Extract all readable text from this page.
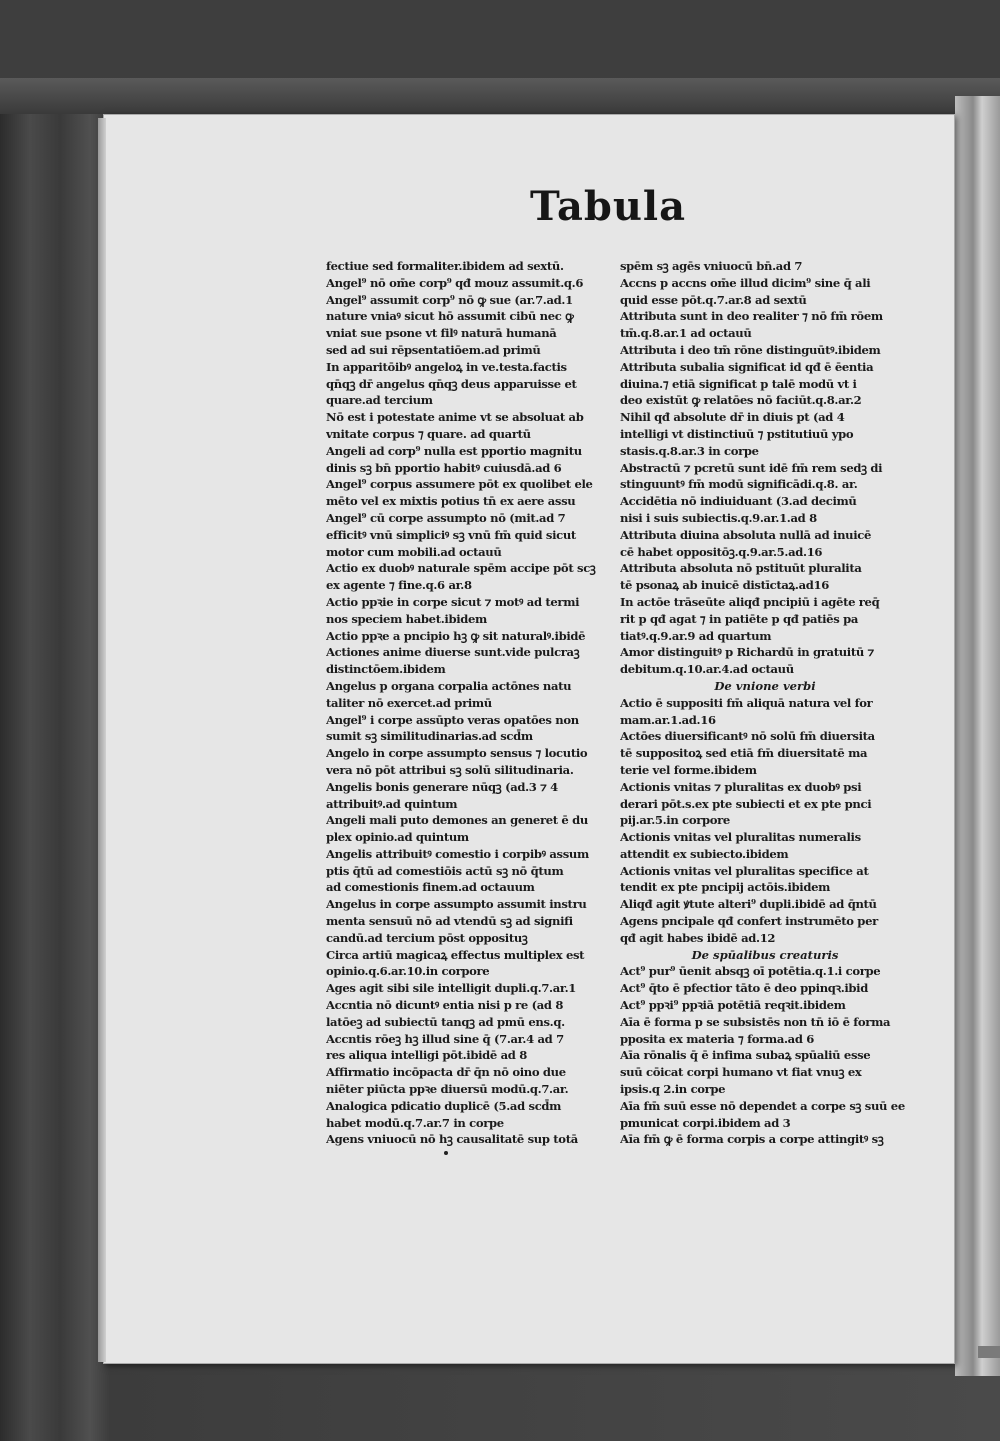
Tabula
fectiue sed formaliter.ibidem ad sextū.
Angel⁹ nō om̄e corp⁹ qđ mouz assumit.q.6
Angel⁹ assumit corp⁹ nō ꝙ sue (ar.7.ad.1
nature vniaꝰ sicut hō assumit cibū nec ꝙ
vniat sue psone vt filꝰ naturā humanā
sed ad sui rēpsentatiōem.ad primū
In apparitōibꝰ angeloꝝ in ve.testa.factis
qn̄qꝫ dr̄ angelus qn̄qꝫ deus apparuisse et
quare.ad tercium
Nō est i potestate anime vt se absoluat ab
vnitate corpus ⁊ quare. ad quartū
Angeli ad corp⁹ nulla est pportio magnitu
dinis sꝫ bn̄ pportio habitꝰ cuiusdā.ad 6
Angel⁹ corpus assumere pōt ex quolibet ele
mēto vel ex mixtis potius tn̄ ex aere assu
Angel⁹ cū corpe assumpto nō (mit.ad 7
efficitꝰ vnū simpliciꝰ sꝫ vnū fm̄ quid sicut
motor cum mobili.ad octauū
Actio ex duobꝰ naturale spēm accipe pōt scꝫ
ex agente ⁊ fine.q.6 ar.8
Actio ppꝛie in corpe sicut ⁊ motꝰ ad termi
nos speciem habet.ibidem
Actio ppꝛe a pncipio hꝫ ꝙ sit naturalꝰ.ibidē
Actiones anime diuerse sunt.vide pulcraꝫ
distinctōem.ibidem
Angelus p organa corpalia actōnes natu
taliter nō exercet.ad primū
Angel⁹ i corpe assūpto veras opatōes non
sumit sꝫ similitudinarias.ad scd̄m
Angelo in corpe assumpto sensus ⁊ locutio
vera nō pōt attribui sꝫ solū silitudinaria.
Angelis bonis generare nūqꝫ (ad.3 ⁊ 4
attribuitꝰ.ad quintum
Angeli mali puto demones an generet ē du
plex opinio.ad quintum
Angelis attribuitꝰ comestio i corpibꝰ assum
ptis q̄tū ad comestiōis actū sꝫ nō q̄tum
ad comestionis finem.ad octauum
Angelus in corpe assumpto assumit instru
menta sensuū nō ad vtendū sꝫ ad signifi
candū.ad tercium pōst opposituꝫ
Circa artiū magicaꝝ effectus multiplex est
opinio.q.6.ar.10.in corpore
Ages agit sibi sile intelligit dupli.q.7.ar.1
Accntia nō dicuntꝰ entia nisi p re (ad 8
latōeꝫ ad subiectū tanqꝫ ad pmū ens.q.
Accntis rōeꝫ hꝫ illud sine q̄ (7.ar.4 ad 7
res aliqua intelligi pōt.ibidē ad 8
Affirmatio incōpacta dr̄ q̄n nō oino due
niēter piūcta ppꝛe diuersū modū.q.7.ar.
Analogica pdicatio duplicē (5.ad scd̄m
habet modū.q.7.ar.7 in corpe
Agens vniuocū nō hꝫ causalitatē sup totā
spēm sꝫ agēs vniuocū bn̄.ad 7
Accns p accns om̄e illud dicim⁹ sine q̄ ali
quid esse pōt.q.7.ar.8 ad sextū
Attributa sunt in deo realiter ⁊ nō fm̄ rōem
tm̄.q.8.ar.1 ad octauū
Attributa i deo tm̄ rōne distinguūtꝰ.ibidem
Attributa subalia significat id qđ ē ēentia
diuina.⁊ etiā significat p talē modū vt i
deo existūt ꝙ relatōes nō faciūt.q.8.ar.2
Nihil qđ absolute dr̄ in diuis pt (ad 4
intelligi vt distinctiuū ⁊ pstitutiuū ypo
stasis.q.8.ar.3 in corpe
Abstractū ⁊ pcretū sunt idē fm̄ rem sedꝫ di
stinguuntꝰ fm̄ modū significādi.q.8. ar.
Accidētia nō indiuiduant (3.ad decimū
nisi i suis subiectis.q.9.ar.1.ad 8
Attributa diuina absoluta nullā ad inuicē
cē habet oppositōꝫ.q.9.ar.5.ad.16
Attributa absoluta nō pstituūt pluralita
tē psonaꝝ ab inuicē distīctaꝝ.ad16
In actōe trāseūte aliqđ pncipiū i agēte req̄
rit p qđ agat ⁊ in patiēte p qđ patiēs pa
tiatꝰ.q.9.ar.9 ad quartum
Amor distinguitꝰ p Richardū in gratuitū ⁊
debitum.q.10.ar.4.ad octauū
De vnione verbi
Actio ē suppositi fm̄ aliquā natura vel for
mam.ar.1.ad.16
Actōes diuersificantꝰ nō solū fm̄ diuersita
tē suppositoꝝ sed etiā fm̄ diuersitatē ma
terie vel forme.ibidem
Actionis vnitas ⁊ pluralitas ex duobꝰ psi
derari pōt.s.ex pte subiecti et ex pte pnci
pij.ar.5.in corpore
Actionis vnitas vel pluralitas numeralis
attendit ex subiecto.ibidem
Actionis vnitas vel pluralitas specifice at
tendit ex pte pncipij actōis.ibidem
Aliqđ agit ꝟtute alteri⁹ dupli.ibidē ad q̄ntū
Agens pncipale qđ confert instrumēto per
qđ agit habes ibidē ad.12
De spūalibus creaturis
Act⁹ pur⁹ ūenit absqꝫ oī potētia.q.1.i corpe
Act⁹ q̄to ē pfectior tāto ē deo ppinqꝛ.ibid
Act⁹ ppꝛi⁹ ppꝛiā potētiā reqꝛit.ibidem
Aīa ē forma p se subsistēs non tn̄ iō ē forma
pposita ex materia ⁊ forma.ad 6
Aīa rōnalis q̄ ē infima subaꝝ spūaliū esse
suū cōicat corpi humano vt fiat vnuꝫ ex
ipsis.q 2.in corpe
Aīa fm̄ suū esse nō dependet a corpe sꝫ suū ee
pmunicat corpi.ibidem ad 3
Aīa fm̄ ꝙ ē forma corpis a corpe attingitꝰ sꝫ
